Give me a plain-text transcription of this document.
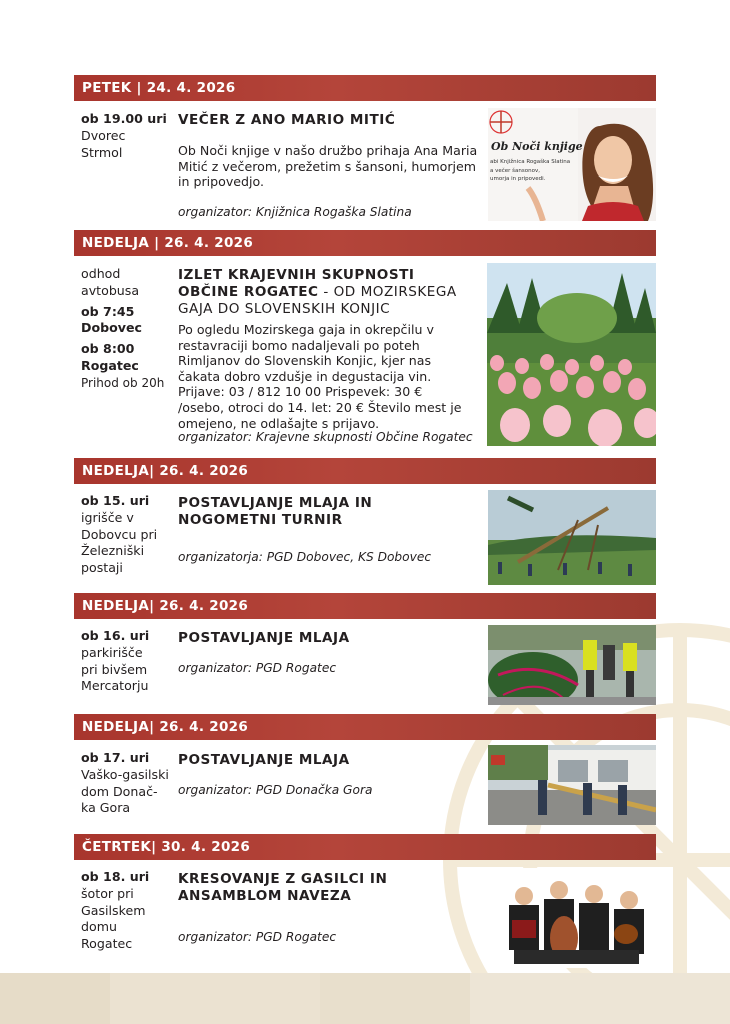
PETEK | 24. 4. 2026
ob 19.00 uri
Dvorec Strmol
VEČER Z ANO MARIO MITIĆ
Ob Noči knjige v našo družbo prihaja Ana Maria Mitić z večerom, prežetim s šansoni, humorjem in pripovedjo.
organizator: Knjižnica Rogaška Slatina
Ob Noči knjige
abi Knjižnica Rogaška Slatina
a večer šansonov,
umorja in pripovedi.
NEDELJA | 26. 4. 2026
odhod avtobusa
ob 7:45
Dobovec
ob 8:00
Rogatec
Prihod ob 20h
IZLET KRAJEVNIH SKUPNOSTI OBČINE ROGATEC - OD MOZIRSKEGA GAJA DO SLOVENSKIH KONJIC
Po ogledu Mozirskega gaja in okrepčilu v restavraciji bomo nadaljevali po poteh Rimljanov do Slovenskih Konjic, kjer nas čakata dobro vzdušje in degustacija vin. Prijave: 03 / 812 10 00 Prispevek: 30 € /osebo, otroci do 14. let: 20 € Število mest je omejeno, ne odlašajte s prijavo.
organizator: Krajevne skupnosti Občine Rogatec
NEDELJA| 26. 4. 2026
ob 15. uri
igrišče v Dobovcu pri Železniški postaji
POSTAVLJANJE MLAJA IN NOGOMETNI TURNIR
organizatorja: PGD Dobovec, KS Dobovec
NEDELJA| 26. 4. 2026
ob 16. uri
parkirišče pri bivšem Mercatorju
POSTAVLJANJE MLAJA
organizator: PGD Rogatec
NEDELJA| 26. 4. 2026
ob 17. uri
Vaško-gasilski dom Donač-ka Gora
POSTAVLJANJE MLAJA
organizator: PGD Donačka Gora
ČETRTEK| 30. 4. 2026
ob 18. uri
šotor pri Gasilskem domu Rogatec
KRESOVANJE Z GASILCI IN ANSAMBLOM NAVEZA
organizator: PGD Rogatec
